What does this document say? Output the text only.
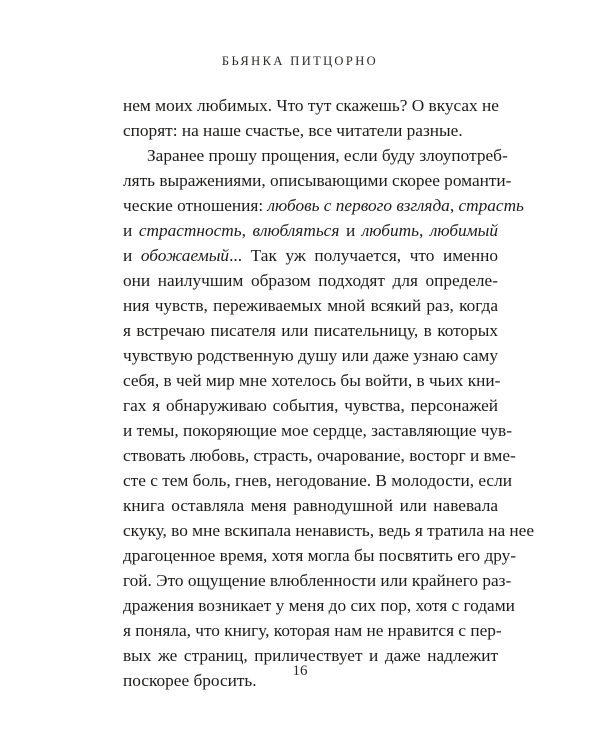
БЬЯНКА ПИТЦОРНО
нем моих любимых. Что тут скажешь? О вкусах не
спорят: на наше счастье, все читатели разные.
Заранее прошу прощения, если буду злоупотреб-
лять выражениями, описывающими скорее романти-
ческие отношения: любовь с первого взгляда, страсть
и страстность, влюбляться и любить, любимый
и обожаемый... Так уж получается, что именно
они наилучшим образом подходят для определе-
ния чувств, переживаемых мной всякий раз, когда
я встречаю писателя или писательницу, в которых
чувствую родственную душу или даже узнаю саму
себя, в чей мир мне хотелось бы войти, в чьих кни-
гах я обнаруживаю события, чувства, персонажей
и темы, покоряющие мое сердце, заставляющие чув-
ствовать любовь, страсть, очарование, восторг и вме-
сте с тем боль, гнев, негодование. В молодости, если
книга оставляла меня равнодушной или навевала
скуку, во мне вскипала ненависть, ведь я тратила на нее
драгоценное время, хотя могла бы посвятить его дру-
гой. Это ощущение влюбленности или крайнего раз-
дражения возникает у меня до сих пор, хотя с годами
я поняла, что книгу, которая нам не нравится с пер-
вых же страниц, приличествует и даже надлежит
поскорее бросить.	16
